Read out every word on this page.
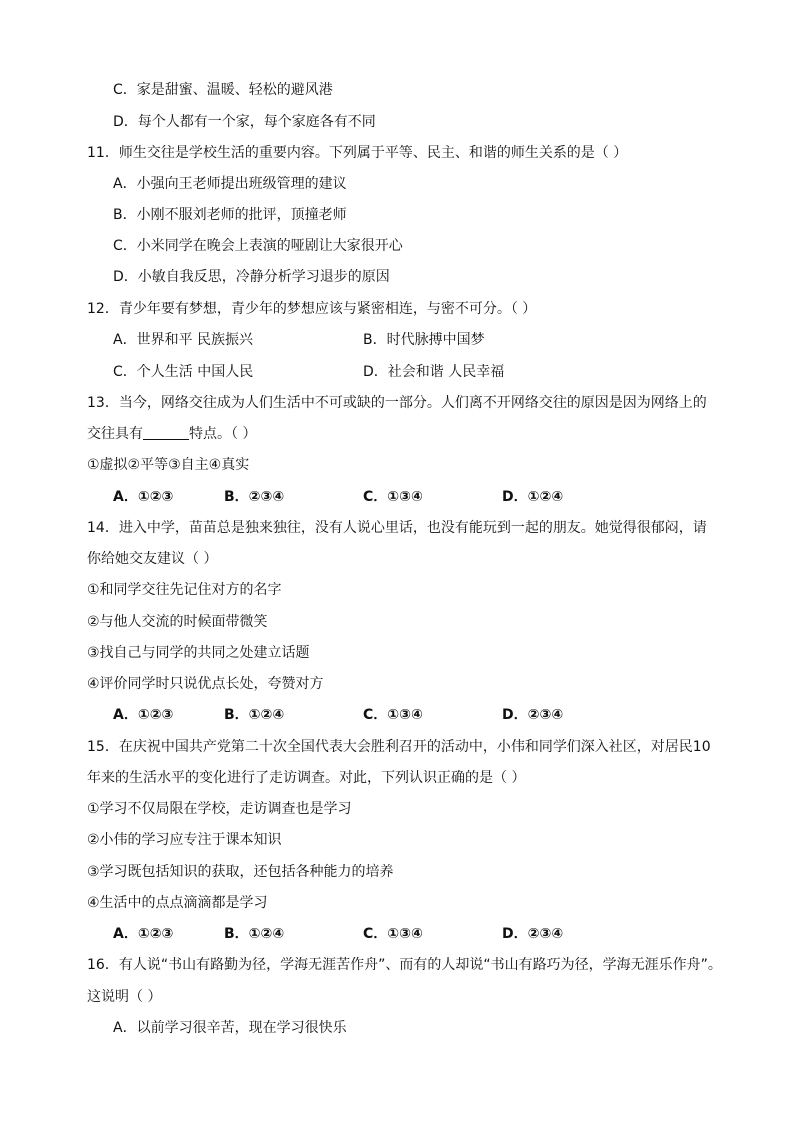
C．家是甜蜜、温暖、轻松的避风港
D．每个人都有一个家，每个家庭各有不同
11．师生交往是学校生活的重要内容。下列属于平等、民主、和谐的师生关系的是（ ）
A．小强向王老师提出班级管理的建议
B．小刚不服刘老师的批评，顶撞老师
C．小米同学在晚会上表演的哑剧让大家很开心
D．小敏自我反思，冷静分析学习退步的原因
12．青少年要有梦想，青少年的梦想应该与紧密相连，与密不可分。（ ）
A．世界和平 民族振兴	B．时代脉搏中国梦
C．个人生活 中国人民	D．社会和谐 人民幸福
13．当今，网络交往成为人们生活中不可或缺的一部分。人们离不开网络交往的原因是因为网络上的
交往具有	特点。（ ）
①虚拟②平等③自主④真实
A．①②③	B．②③④	C．①③④	D．①②④
14．进入中学，苗苗总是独来独往，没有人说心里话，也没有能玩到一起的朋友。她觉得很郁闷，请
你给她交友建议（ ）
①和同学交往先记住对方的名字
②与他人交流的时候面带微笑
③找自己与同学的共同之处建立话题
④评价同学时只说优点长处，夸赞对方
A．①②③	B．①②④	C．①③④	D．②③④
15．在庆祝中国共产党第二十次全国代表大会胜利召开的活动中，小伟和同学们深入社区，对居民10
年来的生活水平的变化进行了走访调查。对此，下列认识正确的是（ ）
①学习不仅局限在学校，走访调查也是学习
②小伟的学习应专注于课本知识
③学习既包括知识的获取，还包括各种能力的培养
④生活中的点点滴滴都是学习
A．①②③	B．①②④	C．①③④	D．②③④
16．有人说“书山有路勤为径，学海无涯苦作舟”、而有的人却说“书山有路巧为径，学海无涯乐作舟”。
这说明（ ）
A．以前学习很辛苦，现在学习很快乐
